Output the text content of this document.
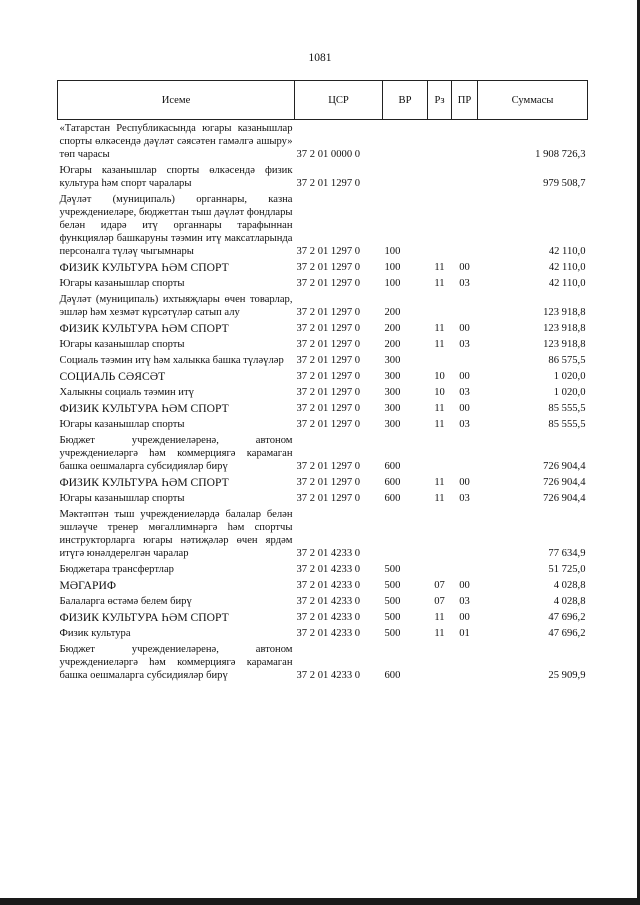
1081
Исеме	ЦСР	ВР	Рз	ПР	Суммасы
«Татарстан Республикасында югары казанышлар спорты өлкәсендә дәүләт сәясәтен гамәлгә ашыру» төп чарасы	37 2 01 0000 0				1 908 726,3
Югары казанышлар спорты өлкәсендә физик культура һәм спорт чаралары	37 2 01 1297 0				979 508,7
Дәүләт (муниципаль) органнары, казна учреждениеләре, бюджеттан тыш дәүләт фондлары белән идарә итү органнары тарафыннан функцияләр башкаруны тәэмин итү максатларында персоналга түләү чыгымнары	37 2 01 1297 0	100			42 110,0
ФИЗИК КУЛЬТУРА ҺӘМ СПОРТ	37 2 01 1297 0	100	11	00	42 110,0
Югары казанышлар спорты	37 2 01 1297 0	100	11	03	42 110,0
Дәүләт (муниципаль) ихтыяҗлары өчен товарлар, эшләр һәм хезмәт күрсәтүләр сатып алу	37 2 01 1297 0	200			123 918,8
ФИЗИК КУЛЬТУРА ҺӘМ СПОРТ	37 2 01 1297 0	200	11	00	123 918,8
Югары казанышлар спорты	37 2 01 1297 0	200	11	03	123 918,8
Социаль тәэмин итү һәм халыкка башка түләүләр	37 2 01 1297 0	300			86 575,5
СОЦИАЛЬ СӘЯСӘТ	37 2 01 1297 0	300	10	00	1 020,0
Халыкны социаль тәэмин итү	37 2 01 1297 0	300	10	03	1 020,0
ФИЗИК КУЛЬТУРА ҺӘМ СПОРТ	37 2 01 1297 0	300	11	00	85 555,5
Югары казанышлар спорты	37 2 01 1297 0	300	11	03	85 555,5
Бюджет учреждениеләренә, автоном учреждениеләргә һәм коммерциягә карамаган башка оешмаларга субсидияләр бирү	37 2 01 1297 0	600			726 904,4
ФИЗИК КУЛЬТУРА ҺӘМ СПОРТ	37 2 01 1297 0	600	11	00	726 904,4
Югары казанышлар спорты	37 2 01 1297 0	600	11	03	726 904,4
Мәктәптән тыш учреждениеләрдә балалар белән эшләүче тренер мөгаллимнәргә һәм спортчы инструкторларга югары нәтиҗәләр өчен ярдәм итүгә юнәлдерелгән чаралар	37 2 01 4233 0				77 634,9
Бюджетара трансфертлар	37 2 01 4233 0	500			51 725,0
МӘГАРИФ	37 2 01 4233 0	500	07	00	4 028,8
Балаларга өстәмә белем бирү	37 2 01 4233 0	500	07	03	4 028,8
ФИЗИК КУЛЬТУРА ҺӘМ СПОРТ	37 2 01 4233 0	500	11	00	47 696,2
Физик культура	37 2 01 4233 0	500	11	01	47 696,2
Бюджет учреждениеләренә, автоном учреждениеләргә һәм коммерциягә карамаган башка оешмаларга субсидияләр бирү	37 2 01 4233 0	600			25 909,9
